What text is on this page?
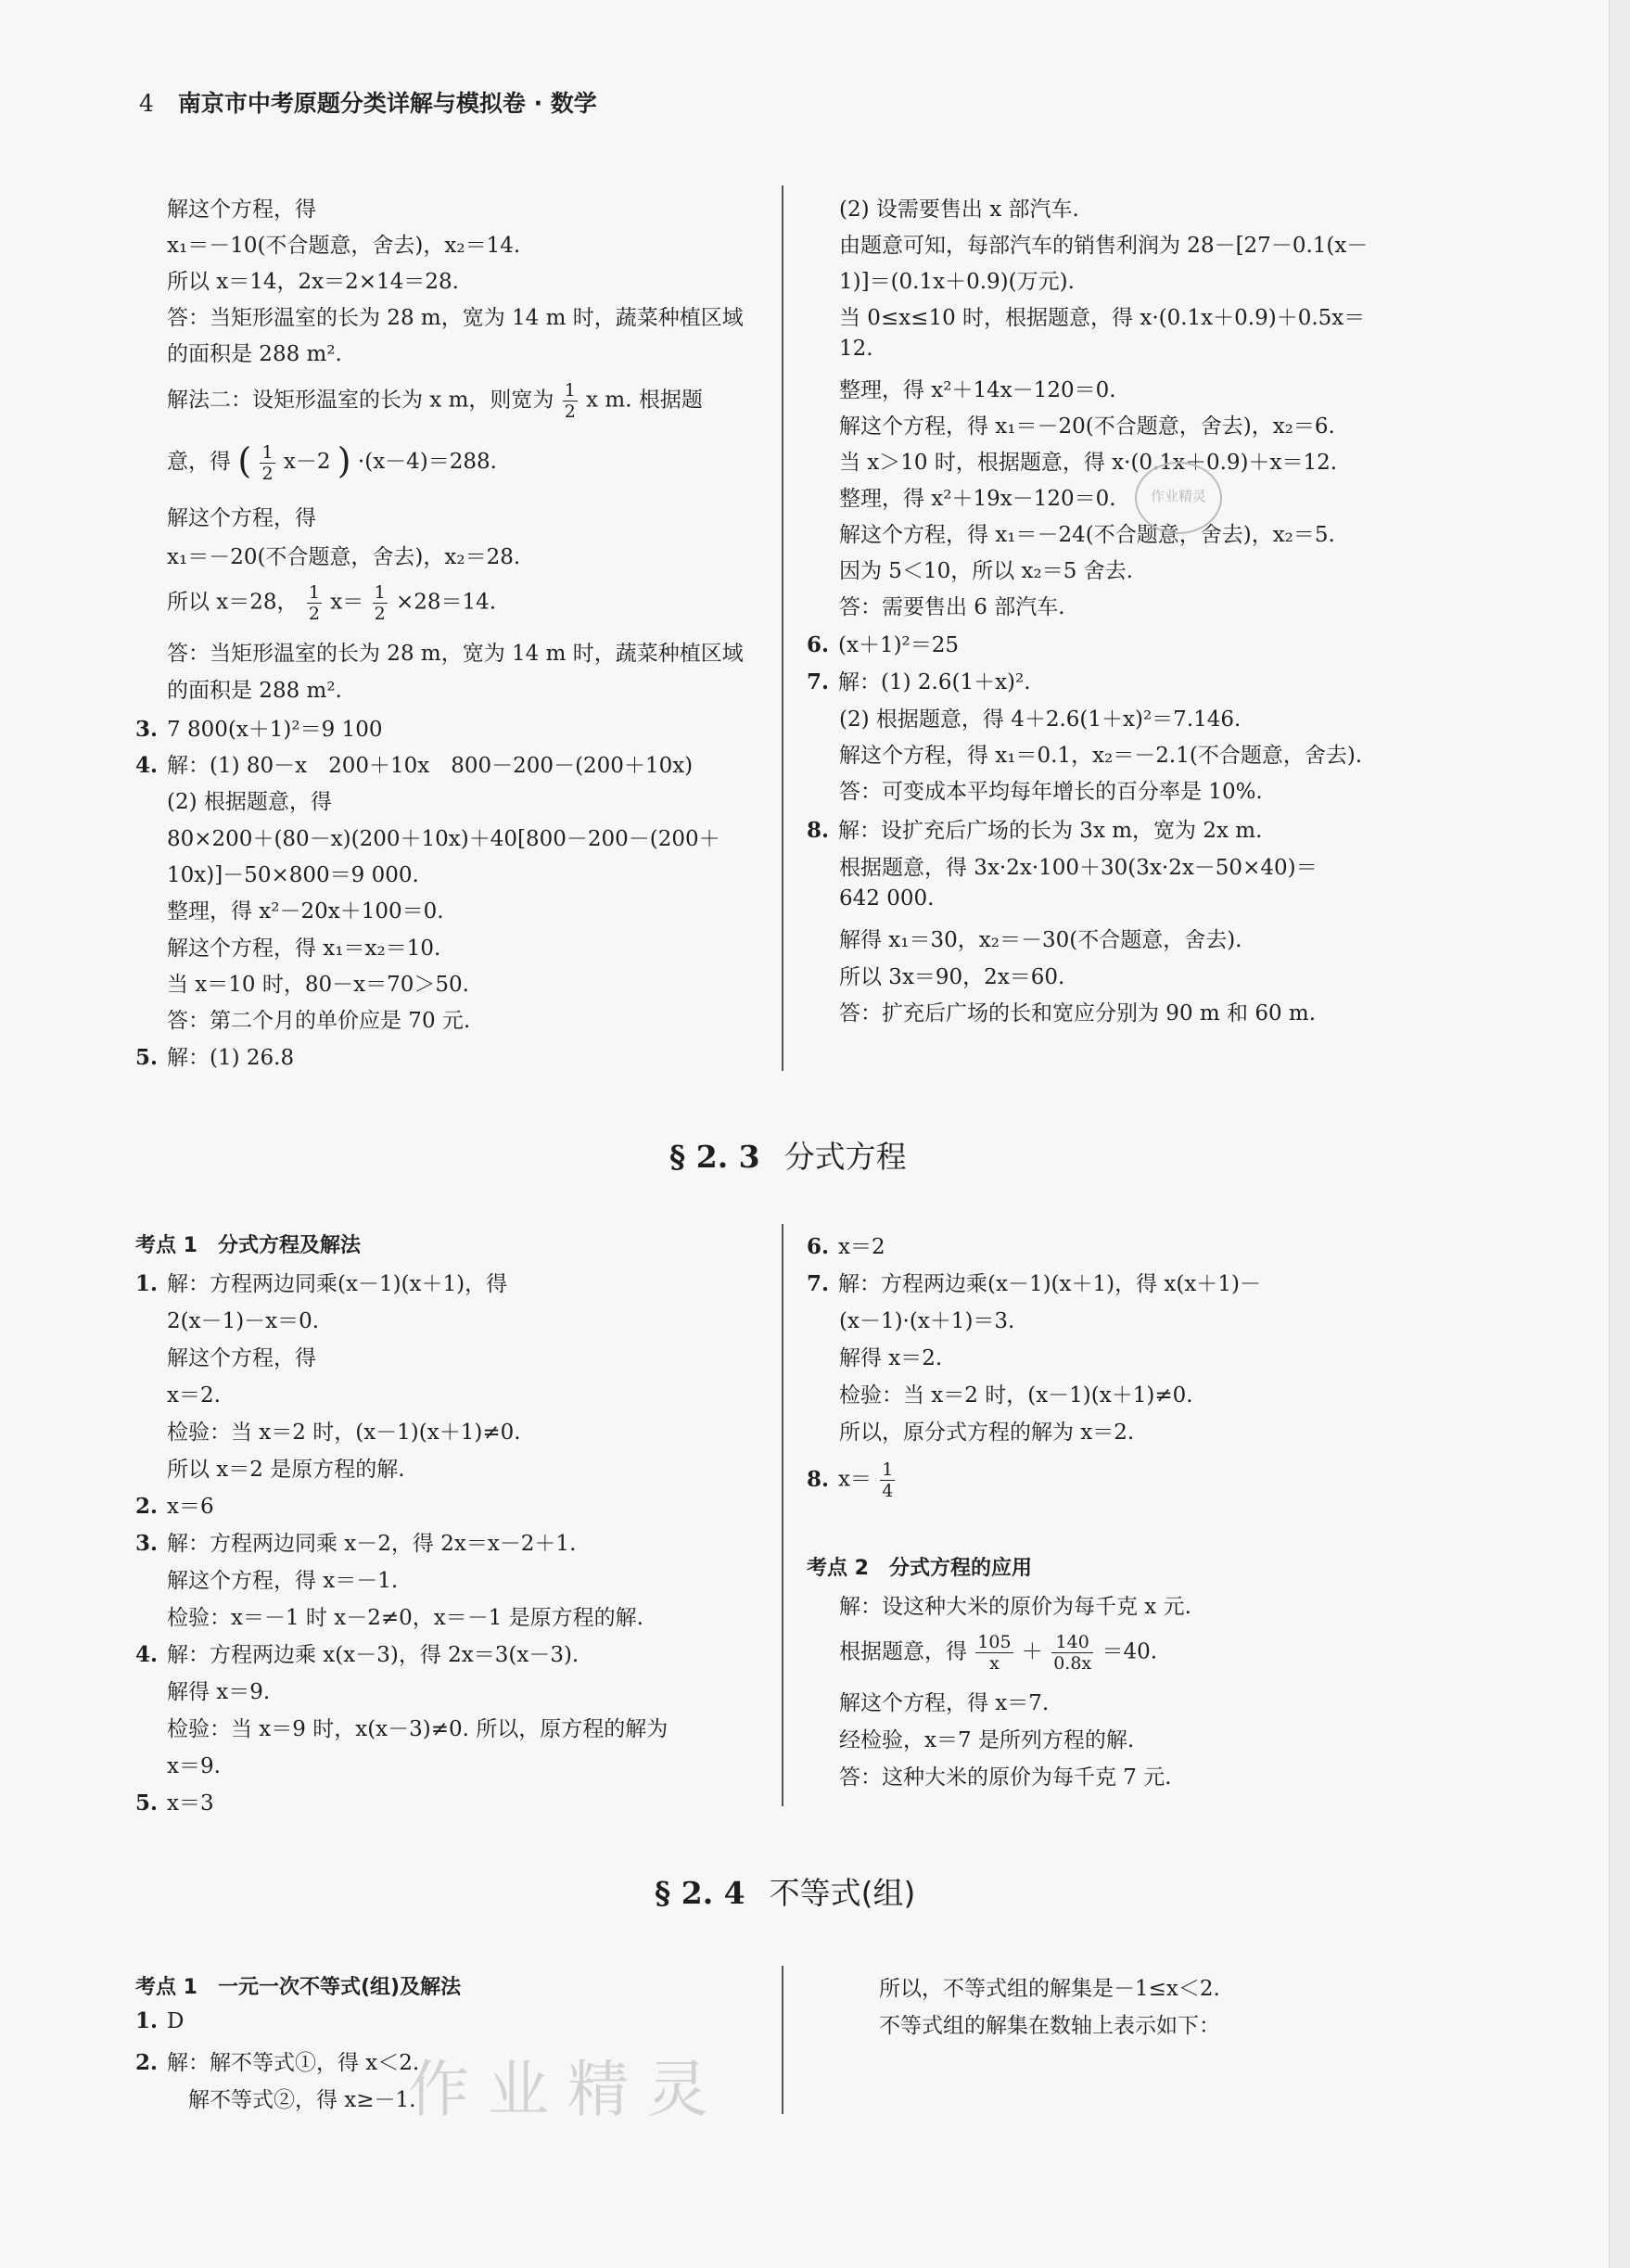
4 南京市中考原题分类详解与模拟卷 · 数学
解这个方程，得
x₁＝－10(不合题意，舍去)，x₂＝14.
所以 x＝14，2x＝2×14＝28.
答：当矩形温室的长为 28 m，宽为 14 m 时，蔬菜种植区域
的面积是 288 m².
解法二：设矩形温室的长为 x m，则宽为 $\frac{1}{2}$ x m. 根据题
意，得 ( $\frac{1}{2} x-2$ ) ·(x－4)＝288.
解这个方程，得
x₁＝－20(不合题意，舍去)，x₂＝28.
所以 x＝28， $\frac{1}{2} x= \frac{1}{2} \times 28=14$.
答：当矩形温室的长为 28 m，宽为 14 m 时，蔬菜种植区域
的面积是 288 m².
3. 7 800(x＋1)²＝9 100
4. 解：(1) 80－x　200＋10x　800－200－(200＋10x)
(2) 根据题意，得
80×200＋(80－x)(200＋10x)＋40[800－200－(200＋
10x)]－50×800＝9 000.
整理，得 x²－20x＋100＝0.
解这个方程，得 x₁＝x₂＝10.
当 x＝10 时，80－x＝70＞50.
答：第二个月的单价应是 70 元.
5. 解：(1) 26.8
(2) 设需要售出 x 部汽车.
由题意可知，每部汽车的销售利润为 28－[27－0.1(x－
1)]＝(0.1x＋0.9)(万元).
当 0≤x≤10 时，根据题意，得 x·(0.1x＋0.9)＋0.5x＝
12.
整理，得 x²＋14x－120＝0.
解这个方程，得 x₁＝－20(不合题意，舍去)，x₂＝6.
当 x＞10 时，根据题意，得 x·(0.1x＋0.9)＋x＝12.
整理，得 x²＋19x－120＝0.
解这个方程，得 x₁＝－24(不合题意，舍去)，x₂＝5.
因为 5＜10，所以 x₂＝5 舍去.
答：需要售出 6 部汽车.
6. (x＋1)²＝25
7. 解：(1) 2.6(1＋x)².
(2) 根据题意，得 4＋2.6(1＋x)²＝7.146.
解这个方程，得 x₁＝0.1，x₂＝－2.1(不合题意，舍去).
答：可变成本平均每年增长的百分率是 10%.
8. 解：设扩充后广场的长为 3x m，宽为 2x m.
根据题意，得 3x·2x·100＋30(3x·2x－50×40)＝
642 000.
解得 x₁＝30，x₂＝－30(不合题意，舍去).
所以 3x＝90，2x＝60.
答：扩充后广场的长和宽应分别为 90 m 和 60 m.
§ 2. 3 分式方程
考点 1　分式方程及解法
1. 解：方程两边同乘(x－1)(x＋1)，得
2(x－1)－x＝0.
解这个方程，得
x＝2.
检验：当 x＝2 时，(x－1)(x＋1)≠0.
所以 x＝2 是原方程的解.
2. x＝6
3. 解：方程两边同乘 x－2，得 2x＝x－2＋1.
解这个方程，得 x＝－1.
检验：x＝－1 时 x－2≠0，x＝－1 是原方程的解.
4. 解：方程两边乘 x(x－3)，得 2x＝3(x－3).
解得 x＝9.
检验：当 x＝9 时，x(x－3)≠0. 所以，原方程的解为
x＝9.
5. x＝3
6. x＝2
7. 解：方程两边乘(x－1)(x＋1)，得 x(x＋1)－
(x－1)·(x＋1)＝3.
解得 x＝2.
检验：当 x＝2 时，(x－1)(x＋1)≠0.
所以，原分式方程的解为 x＝2.
8. $x= \frac{1}{4}$
考点 2　分式方程的应用
解：设这种大米的原价为每千克 x 元.
根据题意，得 $\frac{105}{x} + \frac{140}{0.8x} =40$.
解这个方程，得 x＝7.
经检验，x＝7 是所列方程的解.
答：这种大米的原价为每千克 7 元.
§ 2. 4 不等式(组)
考点 1　一元一次不等式(组)及解法
1. D
2. 解：解不等式①，得 x＜2.
　解不等式②，得 x≥－1.
所以，不等式组的解集是－1≤x＜2.
不等式组的解集在数轴上表示如下：
作业精灵
作业精灵
